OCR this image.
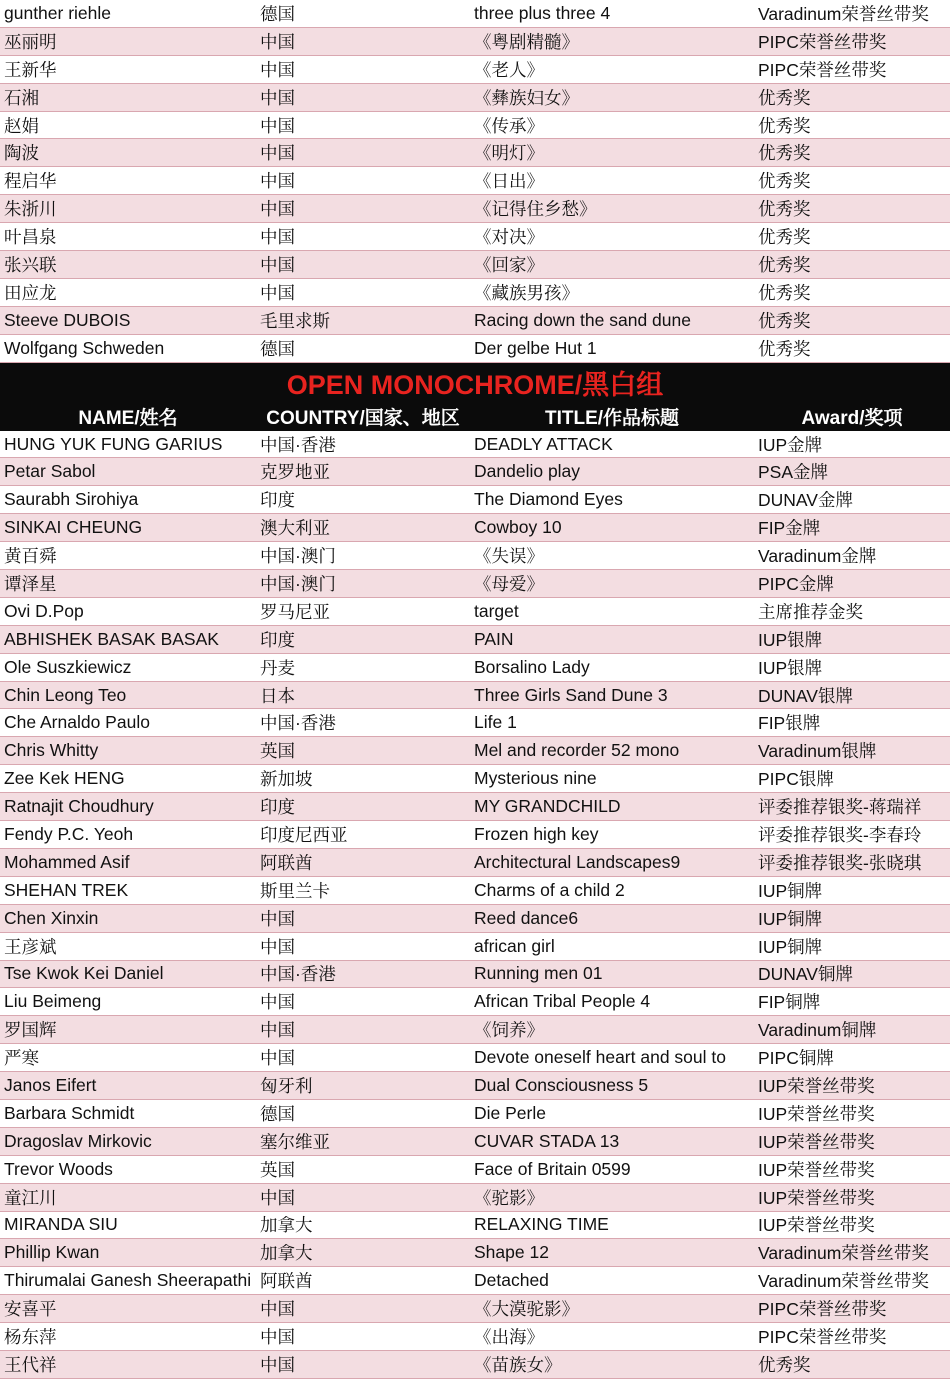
gunther riehle	德国	three plus three 4	Varadinum荣誉丝带奖
巫丽明	中国	《粤剧精髓》	PIPC荣誉丝带奖
王新华	中国	《老人》	PIPC荣誉丝带奖
石湘	中国	《彝族妇女》	优秀奖
赵娟	中国	《传承》	优秀奖
陶波	中国	《明灯》	优秀奖
程启华	中国	《日出》	优秀奖
朱浙川	中国	《记得住乡愁》	优秀奖
叶昌泉	中国	《对决》	优秀奖
张兴联	中国	《回家》	优秀奖
田应龙	中国	《藏族男孩》	优秀奖
Steeve DUBOIS	毛里求斯	Racing down the sand dune	优秀奖
Wolfgang Schweden	德国	Der gelbe Hut 1	优秀奖
OPEN MONOCHROME/黑白组
NAME/姓名	COUNTRY/国家、地区	TITLE/作品标题	Award/奖项
HUNG YUK FUNG GARIUS	中国·香港	DEADLY ATTACK	IUP金牌
Petar Sabol	克罗地亚	Dandelio play	PSA金牌
Saurabh Sirohiya	印度	The Diamond Eyes	DUNAV金牌
SINKAI CHEUNG	澳大利亚	Cowboy 10	FIP金牌
黄百舜	中国·澳门	《失误》	Varadinum金牌
谭泽星	中国·澳门	《母爱》	PIPC金牌
Ovi D.Pop	罗马尼亚	target	主席推荐金奖
ABHISHEK BASAK BASAK	印度	PAIN	IUP银牌
Ole Suszkiewicz	丹麦	Borsalino Lady	IUP银牌
Chin Leong Teo	日本	Three Girls Sand Dune 3	DUNAV银牌
Che Arnaldo Paulo	中国·香港	Life 1	FIP银牌
Chris Whitty	英国	Mel and recorder 52 mono	Varadinum银牌
Zee Kek HENG	新加坡	Mysterious nine	PIPC银牌
Ratnajit Choudhury	印度	MY GRANDCHILD	评委推荐银奖-蒋瑞祥
Fendy P.C. Yeoh	印度尼西亚	Frozen high key	评委推荐银奖-李春玲
Mohammed Asif	阿联酋	Architectural Landscapes9	评委推荐银奖-张晓琪
SHEHAN TREK	斯里兰卡	Charms of a child 2	IUP铜牌
Chen Xinxin	中国	Reed dance6	IUP铜牌
王彦斌	中国	african girl	IUP铜牌
Tse Kwok Kei Daniel	中国·香港	Running men 01	DUNAV铜牌
Liu Beimeng	中国	African Tribal People 4	FIP铜牌
罗国辉	中国	《饲养》	Varadinum铜牌
严寒	中国	Devote oneself heart and soul to	PIPC铜牌
Janos Eifert	匈牙利	Dual Consciousness 5	IUP荣誉丝带奖
Barbara Schmidt	德国	Die Perle	IUP荣誉丝带奖
Dragoslav Mirkovic	塞尔维亚	CUVAR STADA 13	IUP荣誉丝带奖
Trevor Woods	英国	Face of Britain 0599	IUP荣誉丝带奖
童江川	中国	《驼影》	IUP荣誉丝带奖
MIRANDA SIU	加拿大	RELAXING TIME	IUP荣誉丝带奖
Phillip Kwan	加拿大	Shape 12	Varadinum荣誉丝带奖
Thirumalai Ganesh Sheerapathi 阿联酋	Detached	Varadinum荣誉丝带奖
安喜平	中国	《大漠驼影》	PIPC荣誉丝带奖
杨东萍	中国	《出海》	PIPC荣誉丝带奖
王代祥	中国	《苗族女》	优秀奖
